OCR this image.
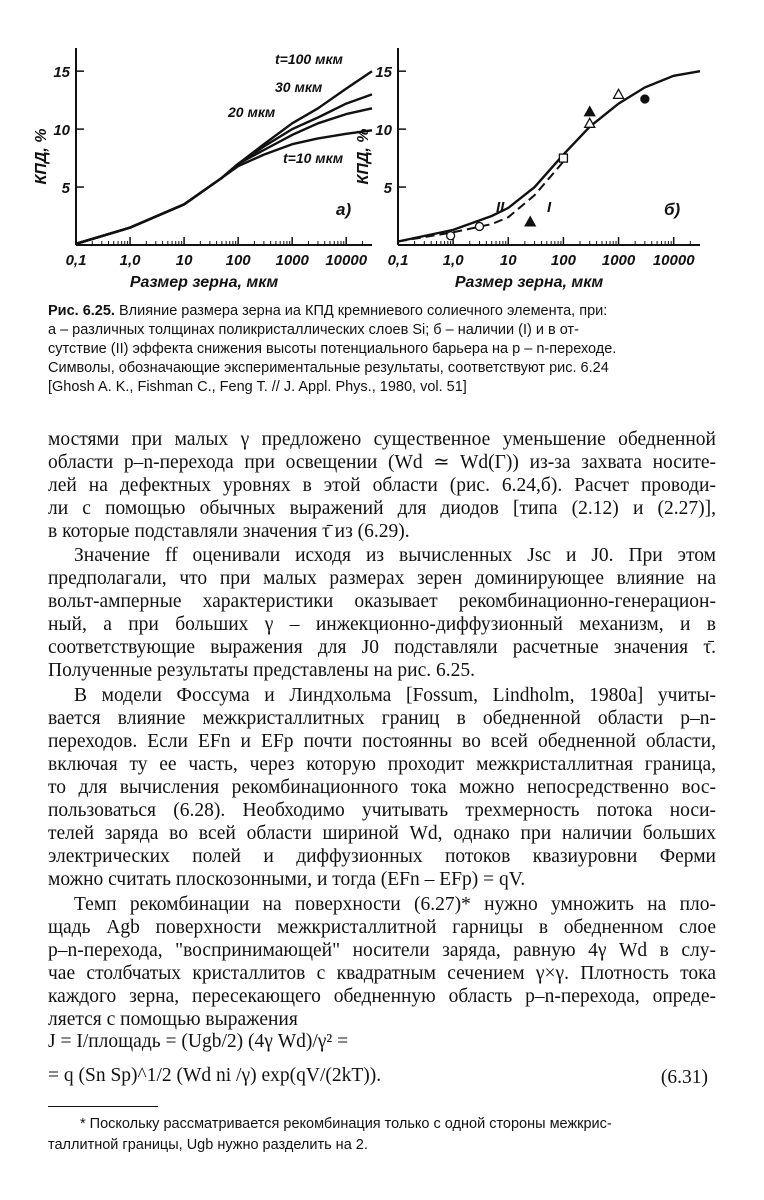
15
10
5
0,1 1,0 10 100 1000 10000
Размер зерна, мкм
КПД, %
а)
t=100 мкм
30 мкм
20 мкм
t=10 мкм
15
10
5
0,1 1,0 10 100 1000 10000
Размер зерна, мкм
КПД, %
б)
II	I
Рис. 6.25. Влияние размера зерна иа КПД кремниевого солиечного элемента, при:
а – различных толщинах поликристаллических слоев Si; б – наличии (I) и в от-
сутствие (II) эффекта снижения высоты потенциального барьера на p – n-переходе.
Символы, обозначающие экспериментальные результаты, соответствуют рис. 6.24
[Ghosh A. K., Fishman C., Feng T. // J. Appl. Phys., 1980, vol. 51]
мостями при малых γ предложено существенное уменьшение обедненной
области p–n-перехода при освещении (Wd ≃ Wd(Γ)) из-за захвата носите-
лей на дефектных уровнях в этой области (рис. 6.24,б). Расчет проводи-
ли с помощью обычных выражений для диодов [типа (2.12) и (2.27)],
в которые подставляли значения τ̄ из (6.29).
Значение ff оценивали исходя из вычисленных Jsc и J0. При этом
предполагали, что при малых размерах зерен доминирующее влияние на
вольт-амперные характеристики оказывает рекомбинационно-генерацион-
ный, а при больших γ – инжекционно-диффузионный механизм, и в
соответствующие выражения для J0 подставляли расчетные значения τ̄.
Полученные результаты представлены на рис. 6.25.
В модели Фоссума и Линдхольма [Fossum, Lindholm, 1980a] учиты-
вается влияние межкристаллитных границ в обедненной области p–n-
переходов. Если EFn и EFp почти постоянны во всей обедненной области,
включая ту ее часть, через которую проходит межкристаллитная граница,
то для вычисления рекомбинационного тока можно непосредственно вос-
пользоваться (6.28). Необходимо учитывать трехмерность потока носи-
телей заряда во всей области шириной Wd, однако при наличии больших
электрических полей и диффузионных потоков квазиуровни Ферми
можно считать плоскозонными, и тогда (EFn – EFp) = qV.
Темп рекомбинации на поверхности (6.27)* нужно умножить на пло-
щадь Agb поверхности межкристаллитной гарницы в обедненном слое
p–n-перехода, "воспринимающей" носители заряда, равную 4γ Wd в слу-
чае столбчатых кристаллитов с квадратным сечением γ×γ. Плотность тока
каждого зерна, пересекающего обедненную область p–n-перехода, опреде-
ляется с помощью выражения
J = I/площадь = (Ugb/2) (4γ Wd)/γ² =
= q (Sn Sp)^1/2 (Wd ni /γ) exp(qV/(2kT)).	(6.31)
* Поскольку рассматривается рекомбинация только с одной стороны межкрис-
таллитной границы, Ugb нужно разделить на 2.
